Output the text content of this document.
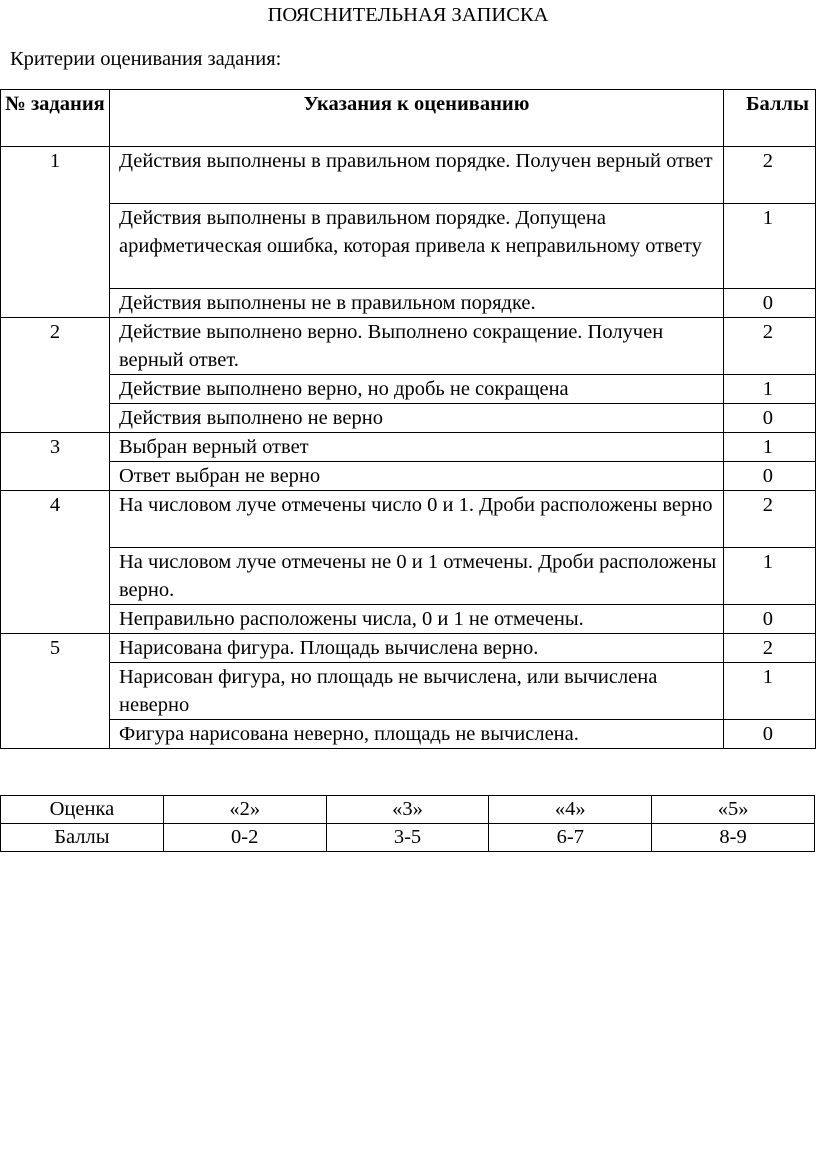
ПОЯСНИТЕЛЬНАЯ ЗАПИСКА
Критерии оценивания задания:
№ задания	Указания к оцениванию	Баллы
1	Действия выполнены в правильном порядке. Получен верный ответ	2
	Действия выполнены в правильном порядке. Допущена арифметическая ошибка, которая привела к неправильному ответу	1
	Действия выполнены не в правильном порядке.	0
2	Действие выполнено верно. Выполнено сокращение. Получен верный ответ.	2
	Действие выполнено верно, но дробь не сокращена	1
	Действия выполнено не верно	0
3	Выбран верный ответ	1
	Ответ выбран не верно	0
4	На числовом луче отмечены число 0 и 1. Дроби расположены верно	2
	На числовом луче отмечены не 0 и 1 отмечены. Дроби расположены верно.	1
	Неправильно расположены числа, 0 и 1 не отмечены.	0
5	Нарисована фигура. Площадь вычислена верно.	2
	Нарисован фигура, но площадь не вычислена, или вычислена неверно	1
	Фигура нарисована неверно, площадь не вычислена.	0
Оценка	«2»	«3»	«4»	«5»
Баллы	0-2	3-5	6-7	8-9
